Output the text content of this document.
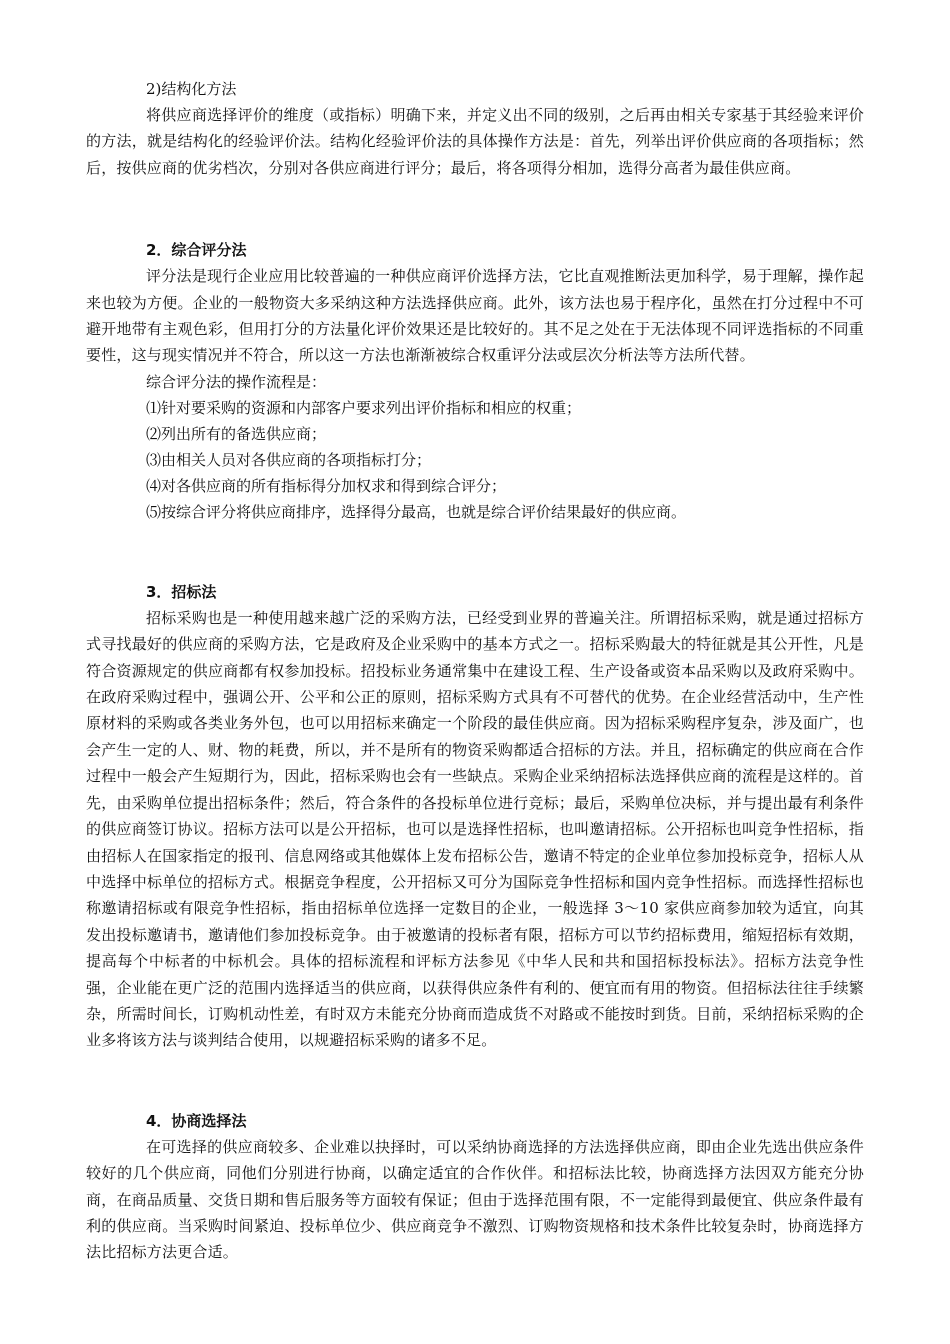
2)结构化方法

将供应商选择评价的维度（或指标）明确下来，并定义出不同的级别，之后再由相关专家基于其经验来评价的方法，就是结构化的经验评价法。结构化经验评价法的具体操作方法是：首先，列举出评价供应商的各项指标；然后，按供应商的优劣档次，分别对各供应商进行评分；最后，将各项得分相加，选得分高者为最佳供应商。

2．综合评分法

评分法是现行企业应用比较普遍的一种供应商评价选择方法，它比直观推断法更加科学，易于理解，操作起来也较为方便。企业的一般物资大多采纳这种方法选择供应商。此外，该方法也易于程序化，虽然在打分过程中不可避开地带有主观色彩，但用打分的方法量化评价效果还是比较好的。其不足之处在于无法体现不同评选指标的不同重要性，这与现实情况并不符合，所以这一方法也渐渐被综合权重评分法或层次分析法等方法所代替。

综合评分法的操作流程是：
⑴针对要采购的资源和内部客户要求列出评价指标和相应的权重；
⑵列出所有的备选供应商；
⑶由相关人员对各供应商的各项指标打分；
⑷对各供应商的所有指标得分加权求和得到综合评分；
⑸按综合评分将供应商排序，选择得分最高，也就是综合评价结果最好的供应商。
3．招标法

招标采购也是一种使用越来越广泛的采购方法，已经受到业界的普遍关注。所谓招标采购，就是通过招标方式寻找最好的供应商的采购方法，它是政府及企业采购中的基本方式之一。招标采购最大的特征就是其公开性，凡是符合资源规定的供应商都有权参加投标。招投标业务通常集中在建设工程、生产设备或资本品采购以及政府采购中。在政府采购过程中，强调公开、公平和公正的原则，招标采购方式具有不可替代的优势。在企业经营活动中，生产性原材料的采购或各类业务外包，也可以用招标来确定一个阶段的最佳供应商。因为招标采购程序复杂，涉及面广，也会产生一定的人、财、物的耗费，所以，并不是所有的物资采购都适合招标的方法。并且，招标确定的供应商在合作过程中一般会产生短期行为，因此，招标采购也会有一些缺点。采购企业采纳招标法选择供应商的流程是这样的。首先，由采购单位提出招标条件；然后，符合条件的各投标单位进行竞标；最后，采购单位决标，并与提出最有利条件的供应商签订协议。招标方法可以是公开招标，也可以是选择性招标，也叫邀请招标。公开招标也叫竞争性招标，指由招标人在国家指定的报刊、信息网络或其他媒体上发布招标公告，邀请不特定的企业单位参加投标竞争，招标人从中选择中标单位的招标方式。根据竞争程度，公开招标又可分为国际竞争性招标和国内竞争性招标。而选择性招标也称邀请招标或有限竞争性招标，指由招标单位选择一定数目的企业，一般选择 3～10 家供应商参加较为适宜，向其发出投标邀请书，邀请他们参加投标竞争。由于被邀请的投标者有限，招标方可以节约招标费用，缩短招标有效期，提高每个中标者的中标机会。具体的招标流程和评标方法参见《中华人民和共和国招标投标法》。招标方法竞争性强，企业能在更广泛的范围内选择适当的供应商，以获得供应条件有利的、便宜而有用的物资。但招标法往往手续繁杂，所需时间长，订购机动性差，有时双方未能充分协商而造成货不对路或不能按时到货。目前，采纳招标采购的企业多将该方法与谈判结合使用，以规避招标采购的诸多不足。

4．协商选择法

在可选择的供应商较多、企业难以抉择时，可以采纳协商选择的方法选择供应商，即由企业先选出供应条件较好的几个供应商，同他们分别进行协商，以确定适宜的合作伙伴。和招标法比较，协商选择方法因双方能充分协商，在商品质量、交货日期和售后服务等方面较有保证；但由于选择范围有限，不一定能得到最便宜、供应条件最有利的供应商。当采购时间紧迫、投标单位少、供应商竞争不激烈、订购物资规格和技术条件比较复杂时，协商选择方法比招标方法更合适。
